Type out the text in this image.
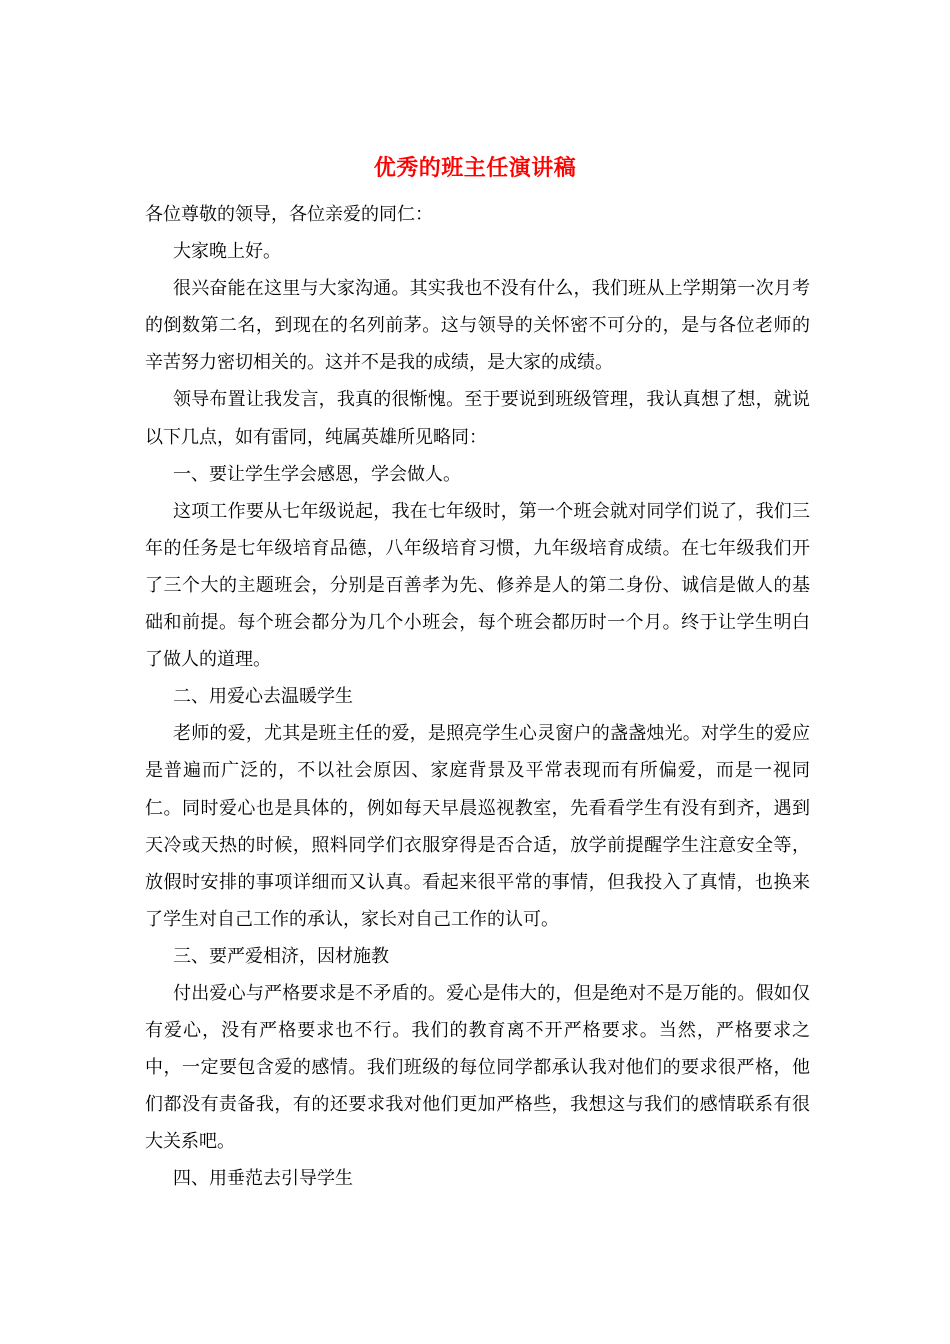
优秀的班主任演讲稿

各位尊敬的领导，各位亲爱的同仁：

大家晚上好。

很兴奋能在这里与大家沟通。其实我也不没有什么，我们班从上学期第一次月考的倒数第二名，到现在的名列前茅。这与领导的关怀密不可分的，是与各位老师的辛苦努力密切相关的。这并不是我的成绩，是大家的成绩。

领导布置让我发言，我真的很惭愧。至于要说到班级管理，我认真想了想，就说以下几点，如有雷同，纯属英雄所见略同：

一、要让学生学会感恩，学会做人。

这项工作要从七年级说起，我在七年级时，第一个班会就对同学们说了，我们三年的任务是七年级培育品德，八年级培育习惯，九年级培育成绩。在七年级我们开了三个大的主题班会，分别是百善孝为先、修养是人的第二身份、诚信是做人的基础和前提。每个班会都分为几个小班会，每个班会都历时一个月。终于让学生明白了做人的道理。

二、用爱心去温暖学生

老师的爱，尤其是班主任的爱，是照亮学生心灵窗户的盏盏烛光。对学生的爱应是普遍而广泛的，不以社会原因、家庭背景及平常表现而有所偏爱，而是一视同仁。同时爱心也是具体的，例如每天早晨巡视教室，先看看学生有没有到齐，遇到天冷或天热的时候，照料同学们衣服穿得是否合适，放学前提醒学生注意安全等，放假时安排的事项详细而又认真。看起来很平常的事情，但我投入了真情，也换来了学生对自己工作的承认，家长对自己工作的认可。

三、要严爱相济，因材施教

付出爱心与严格要求是不矛盾的。爱心是伟大的，但是绝对不是万能的。假如仅有爱心，没有严格要求也不行。我们的教育离不开严格要求。当然，严格要求之中，一定要包含爱的感情。我们班级的每位同学都承认我对他们的要求很严格，他们都没有责备我，有的还要求我对他们更加严格些，我想这与我们的感情联系有很大关系吧。

四、用垂范去引导学生
